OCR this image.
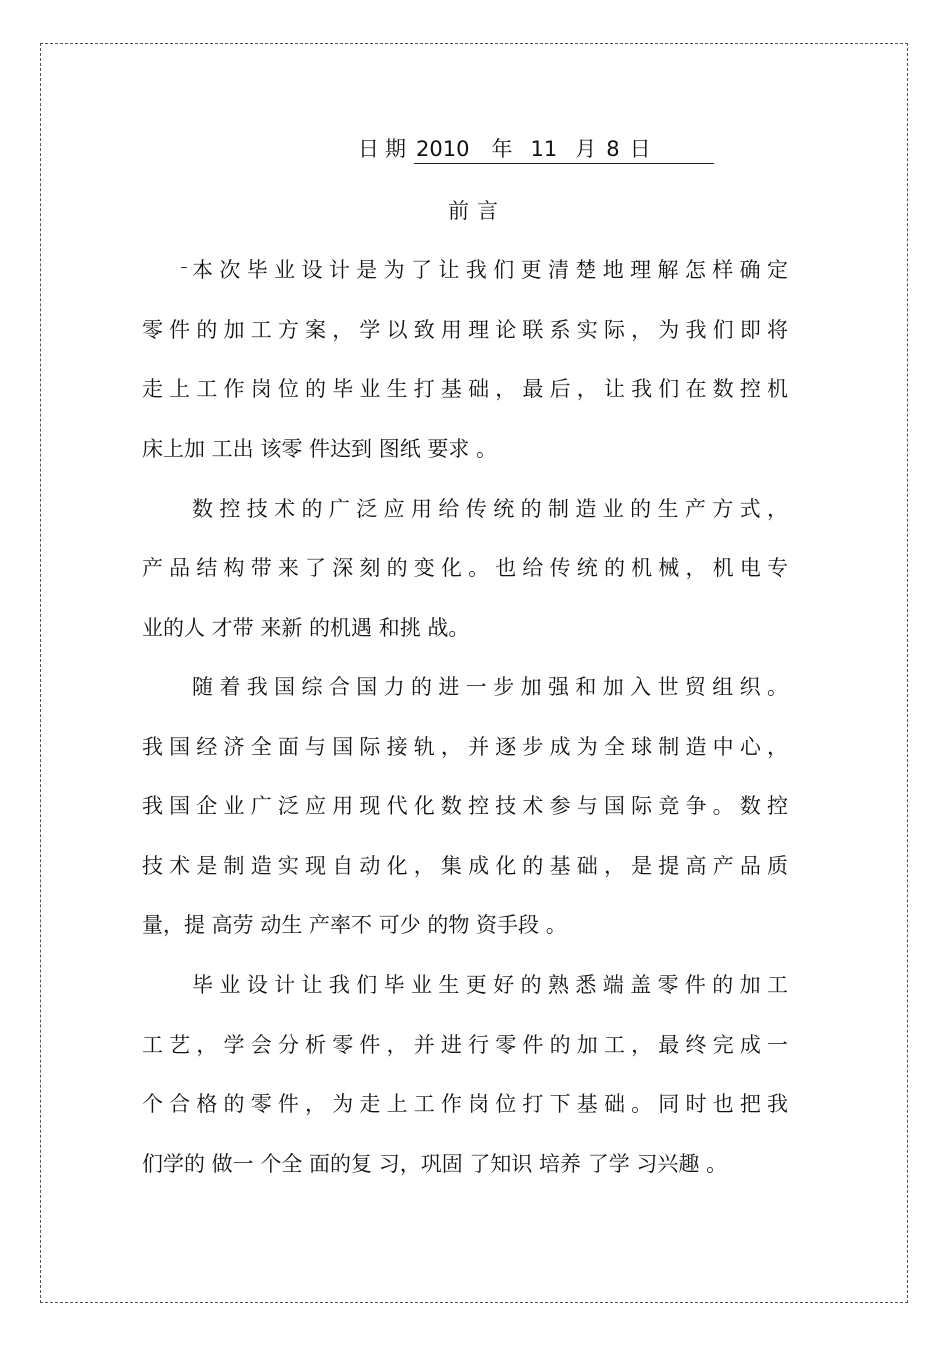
日期 2010 年 11 月 8 日
前言
本次毕业设计是为了让我们更清楚地理解怎样确定
零件的加工方案，学以致用理论联系实际，为我们即将
走上工作岗位的毕业生打基础，最后，让我们在数控机
床上加 工出 该零 件达到 图纸 要求 。
数控技术的广泛应用给传统的制造业的生产方式，
产品结构带来了深刻的变化。也给传统的机械，机电专
业的人 才带 来新 的机遇 和挑 战。
随着我国综合国力的进一步加强和加入世贸组织。
我国经济全面与国际接轨，并逐步成为全球制造中心，
我国企业广泛应用现代化数控技术参与国际竞争。数控
技术是制造实现自动化，集成化的基础，是提高产品质
量，提 高劳 动生 产率不 可少 的物 资手段 。
毕业设计让我们毕业生更好的熟悉端盖零件的加工
工艺，学会分析零件，并进行零件的加工，最终完成一
个合格的零件，为走上工作岗位打下基础。同时也把我
们学的 做一 个全 面的复 习，巩固 了知识 培养 了学 习兴趣 。
